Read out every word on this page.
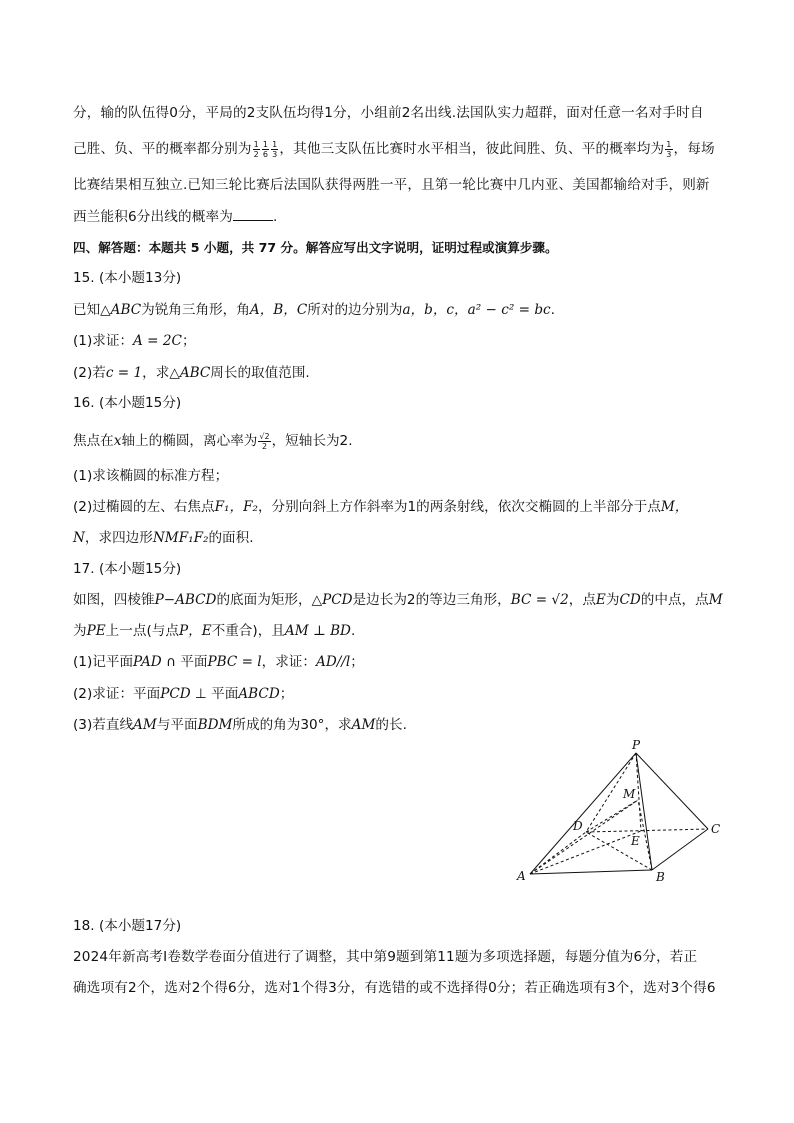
分，输的队伍得0分，平局的2支队伍均得1分，小组前2名出线.法国队实力超群，面对任意一名对手时自
己胜、负、平的概率都分别为 $\frac{1}{2} \frac{1}{6} \frac{1}{3}$ ，其他三支队伍比赛时水平相当，彼此间胜、负、平的概率均为 $\frac{1}{3}$ ，每场
比赛结果相互独立.已知三轮比赛后法国队获得两胜一平，且第一轮比赛中几内亚、美国都输给对手，则新
西兰能积6分出线的概率为	.
四、解答题：本题共 5 小题，共 77 分。解答应写出文字说明，证明过程或演算步骤。
15. (本小题13分)
已知△ABC为锐角三角形，角A，B，C所对的边分别为a，b，c，a² − c² = bc.
(1)求证：A = 2C；
(2)若c = 1，求△ABC周长的取值范围.
16. (本小题15分)
焦点在x轴上的椭圆，离心率为 $\frac{√2}{2}$ ，短轴长为2.
(1)求该椭圆的标准方程；
(2)过椭圆的左、右焦点F₁，F₂，分别向斜上方作斜率为1的两条射线，依次交椭圆的上半部分于点M，
N，求四边形NMF₁F₂的面积.
17. (本小题15分)
如图，四棱锥P−ABCD的底面为矩形，△PCD是边长为2的等边三角形，BC = √2，点E为CD的中点，点M
为PE上一点(与点P，E不重合)，且AM ⊥ BD.
(1)记平面PAD ∩ 平面PBC = l，求证：AD//l；
(2)求证：平面PCD ⊥ 平面ABCD；
(3)若直线AM与平面BDM所成的角为30°，求AM的长.
P
M
D	C
E
A	B
18. (本小题17分)
2024年新高考Ⅰ卷数学卷面分值进行了调整，其中第9题到第11题为多项选择题，每题分值为6分，若正
确选项有2个，选对2个得6分，选对1个得3分，有选错的或不选择得0分；若正确选项有3个，选对3个得6
